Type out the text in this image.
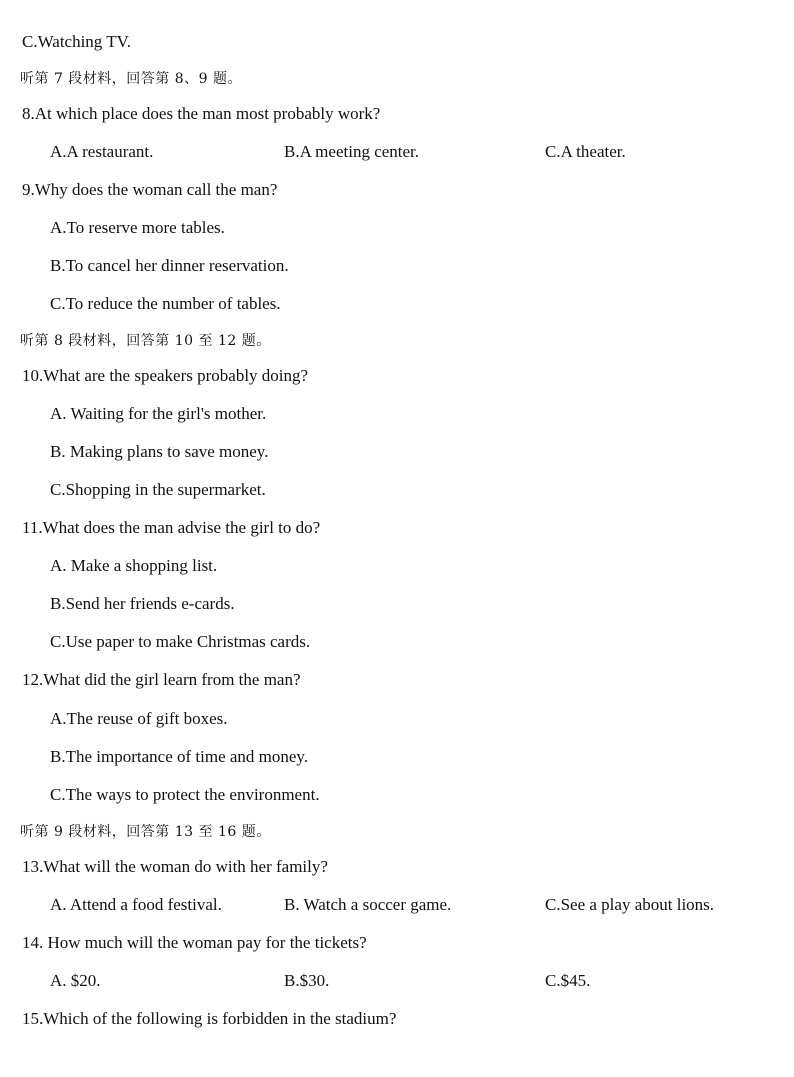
C.Watching TV.
听第 7 段材料，回答第 8、9 题。
8.At which place does the man most probably work?
A.A restaurant.	B.A meeting center.	C.A theater.
9.Why does the woman call the man?
A.To reserve more tables.
B.To cancel her dinner reservation.
C.To reduce the number of tables.
听第 8 段材料，回答第 10 至 12 题。
10.What are the speakers probably doing?
A. Waiting for the girl's mother.
B. Making plans to save money.
C.Shopping in the supermarket.
11.What does the man advise the girl to do?
A. Make a shopping list.
B.Send her friends e-cards.
C.Use paper to make Christmas cards.
12.What did the girl learn from the man?
A.The reuse of gift boxes.
B.The importance of time and money.
C.The ways to protect the environment.
听第 9 段材料，回答第 13 至 16 题。
13.What will the woman do with her family?
A. Attend a food festival.	B. Watch a soccer game.	C.See a play about lions.
14. How much will the woman pay for the tickets?
A. $20.	B.$30.	C.$45.
15.Which of the following is forbidden in the stadium?
